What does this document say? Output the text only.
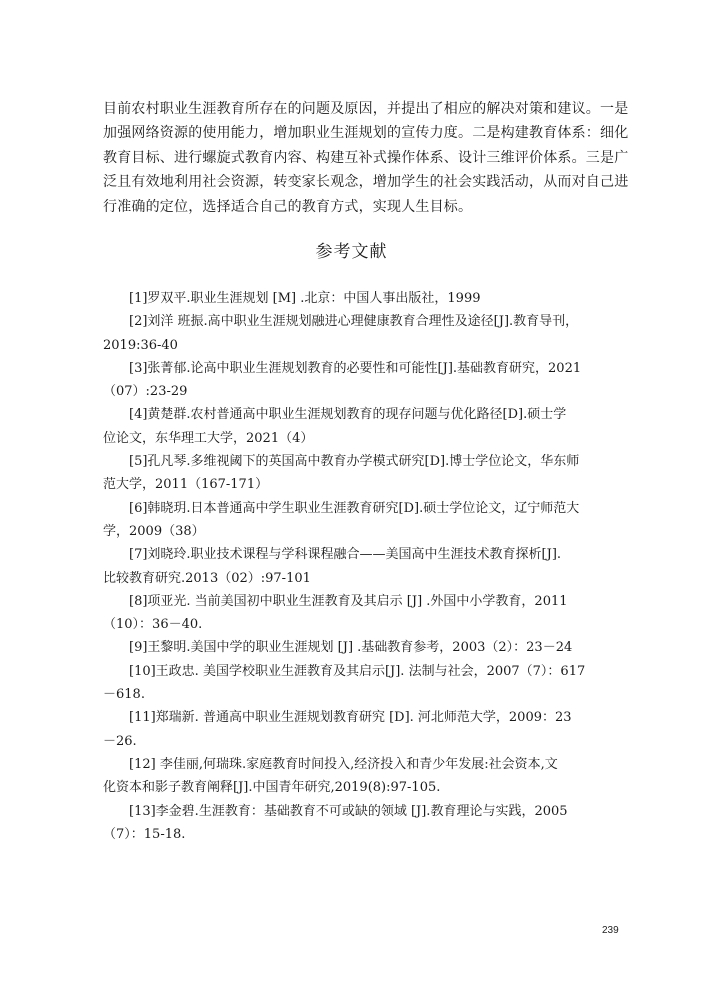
目前农村职业生涯教育所存在的问题及原因，并提出了相应的解决对策和建议。一是
加强网络资源的使用能力，增加职业生涯规划的宣传力度。二是构建教育体系：细化
教育目标、进行螺旋式教育内容、构建互补式操作体系、设计三维评价体系。三是广
泛且有效地利用社会资源，转变家长观念，增加学生的社会实践活动，从而对自己进
行准确的定位，选择适合自己的教育方式，实现人生目标。
参考文献
[1]罗双平.职业生涯规划 [M] .北京：中国人事出版社，1999
[2]刘洋 班振.高中职业生涯规划融进心理健康教育合理性及途径[J].教育导刊，
2019:36-40
[3]张菁郁.论高中职业生涯规划教育的必要性和可能性[J].基础教育研究，2021
（07）:23-29
[4]黄楚群.农村普通高中职业生涯规划教育的现存问题与优化路径[D].硕士学
位论文，东华理工大学，2021（4）
[5]孔凡琴.多维视阈下的英国高中教育办学模式研究[D].博士学位论文，华东师
范大学，2011（167-171）
[6]韩晓玥.日本普通高中学生职业生涯教育研究[D].硕士学位论文，辽宁师范大
学，2009（38）
[7]刘晓玲.职业技术课程与学科课程融合——美国高中生涯技术教育探析[J].
比较教育研究.2013（02）:97-101
[8]项亚光. 当前美国初中职业生涯教育及其启示 [J] .外国中小学教育，2011
（10）：36－40.
[9]王黎明.美国中学的职业生涯规划 [J] .基础教育参考，2003（2）：23－24
[10]王政忠. 美国学校职业生涯教育及其启示[J]. 法制与社会，2007（7）：617
－618.
[11]郑瑞新. 普通高中职业生涯规划教育研究 [D]. 河北师范大学，2009：23
－26.
[12] 李佳丽,何瑞珠.家庭教育时间投入,经济投入和青少年发展:社会资本,文
化资本和影子教育阐释[J].中国青年研究,2019(8):97-105.
[13]李金碧.生涯教育：基础教育不可或缺的领域 [J].教育理论与实践，2005
（7）：15-18.
239
